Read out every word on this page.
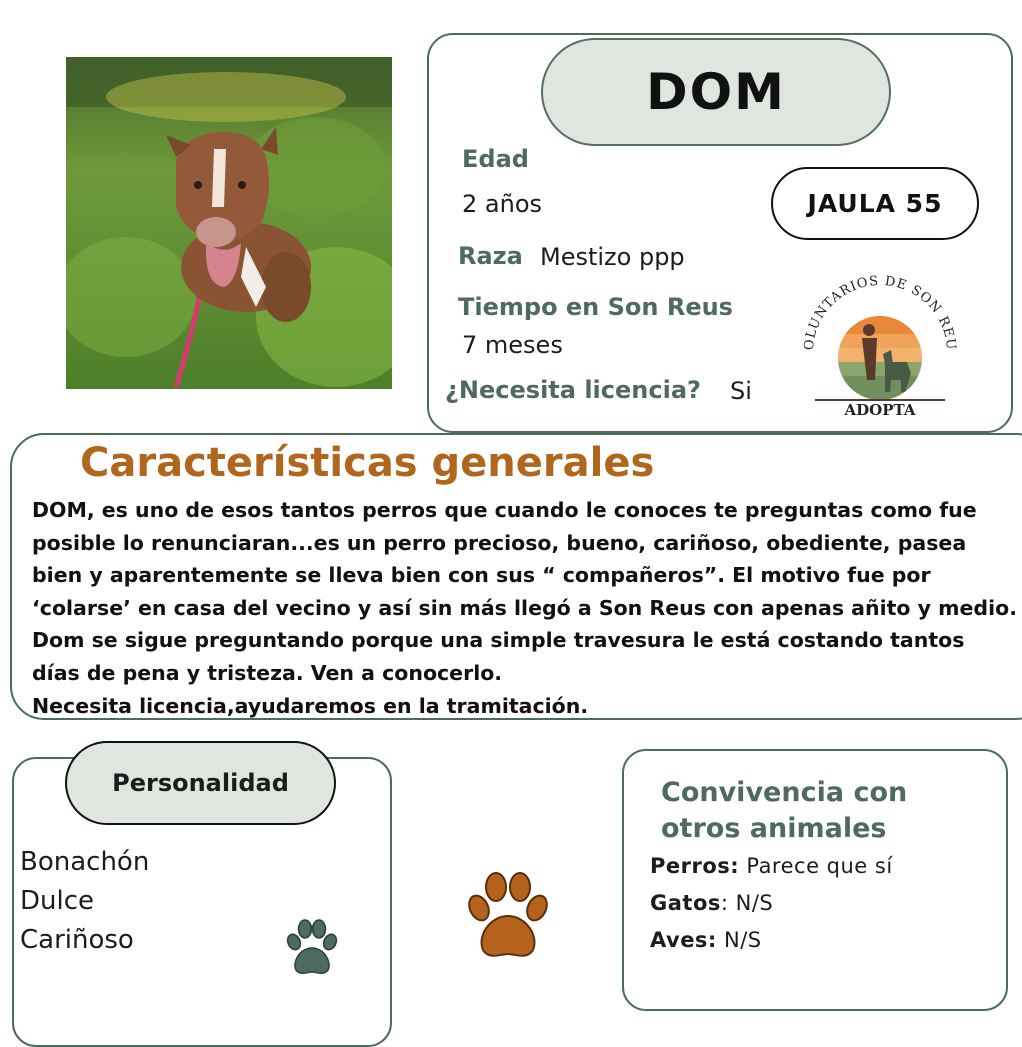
DOM
Edad
2 años
Raza Mestizo ppp
Tiempo en Son Reus
7 meses
¿Necesita licencia? Si
JAULA 55
OLUNTARIOS DE SON REU
ADOPTA
Características generales
DOM, es uno de esos tantos perros que cuando le conoces te preguntas como fue
posible lo renunciaran...es un perro precioso, bueno, cariñoso, obediente, pasea
bien y aparentemente se lleva bien con sus “ compañeros”. El motivo fue por
‘colarse’ en casa del vecino y así sin más llegó a Son Reus con apenas añito y medio.
Dom se sigue preguntando porque una simple travesura le está costando tantos
días de pena y tristeza. Ven a conocerlo.
Necesita licencia,ayudaremos en la tramitación.
Personalidad
Bonachón
Dulce
Cariñoso
Convivencia con
otros animales
Perros: Parece que sí
Gatos: N/S
Aves: N/S
